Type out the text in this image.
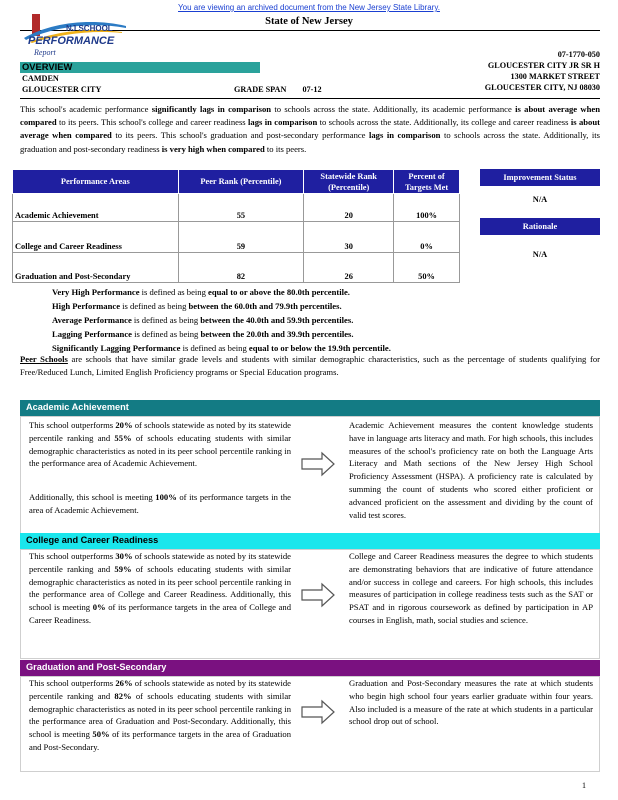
You are viewing an archived document from the New Jersey State Library.
State of New Jersey
NJ SCHOOL
PERFORMANCE
Report	07-1770-050
GLOUCESTER CITY JR SR H
1300 MARKET STREET
GLOUCESTER CITY, NJ 08030
OVERVIEW
CAMDEN
GLOUCESTER CITY	GRADE SPAN 07-12
This school's academic performance significantly lags in comparison to schools across the state. Additionally, its academic performance is about average when compared to its peers. This school's college and career readiness lags in comparison to schools across the state. Additionally, its college and career readiness is about average when compared to its peers. This school's graduation and post-secondary performance lags in comparison to schools across the state. Additionally, its graduation and post-secondary readiness is very high when compared to its peers.
Performance Areas	Peer Rank (Percentile)	Statewide Rank (Percentile)	Percent of Targets Met
Academic Achievement	55	20	100%
College and Career Readiness	59	30	0%
Graduation and Post-Secondary	82	26	50%
Improvement Status
N/A
Rationale
N/A
Very High Performance is defined as being equal to or above the 80.0th percentile.
High Performance is defined as being between the 60.0th and 79.9th percentiles.
Average Performance is defined as being between the 40.0th and 59.9th percentiles.
Lagging Performance is defined as being between the 20.0th and 39.9th percentiles.
Significantly Lagging Performance is defined as being equal to or below the 19.9th percentile.
Peer Schools are schools that have similar grade levels and students with similar demographic characteristics, such as the percentage of students qualifying for Free/Reduced Lunch, Limited English Proficiency programs or Special Education programs.
Academic Achievement
This school outperforms 20% of schools statewide as noted by its statewide percentile ranking and 55% of schools educating students with similar demographic characteristics as noted in its peer school percentile ranking in the performance area of Academic Achievement.
Additionally, this school is meeting 100% of its performance targets in the area of Academic Achievement.
Academic Achievement measures the content knowledge students have in language arts literacy and math. For high schools, this includes measures of the school's proficiency rate on both the Language Arts Literacy and Math sections of the New Jersey High School Proficiency Assessment (HSPA). A proficiency rate is calculated by summing the count of students who scored either proficient or advanced proficient on the assessment and dividing by the count of valid test scores.
College and Career Readiness
This school outperforms 30% of schools statewide as noted by its statewide percentile ranking and 59% of schools educating students with similar demographic characteristics as noted in its peer school percentile ranking in the performance area of College and Career Readiness. Additionally, this school is meeting 0% of its performance targets in the area of College and Career Readiness.
College and Career Readiness measures the degree to which students are demonstrating behaviors that are indicative of future attendance and/or success in college and careers. For high schools, this includes measures of participation in college readiness tests such as the SAT or PSAT and in rigorous coursework as defined by participation in AP courses in English, math, social studies and science.
Graduation and Post-Secondary
This school outperforms 26% of schools statewide as noted by its statewide percentile ranking and 82% of schools educating students with similar demographic characteristics as noted in its peer school percentile ranking in the performance area of Graduation and Post-Secondary. Additionally, this school is meeting 50% of its performance targets in the area of Graduation and Post-Secondary.
Graduation and Post-Secondary measures the rate at which students who begin high school four years earlier graduate within four years. Also included is a measure of the rate at which students in a particular school drop out of school.
1
